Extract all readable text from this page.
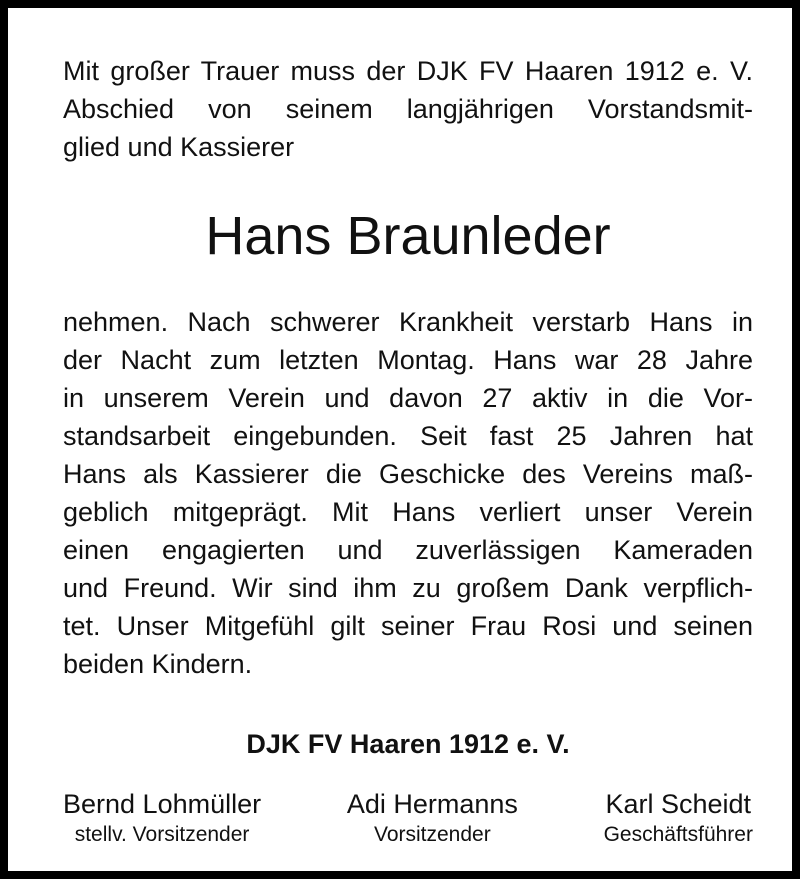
Mit großer Trauer muss der DJK FV Haaren 1912 e. V.
Abschied von seinem langjährigen Vorstandsmit-
glied und Kassierer
Hans Braunleder
nehmen. Nach schwerer Krankheit verstarb Hans in
der Nacht zum letzten Montag. Hans war 28 Jahre
in unserem Verein und davon 27 aktiv in die Vor-
standsarbeit eingebunden. Seit fast 25 Jahren hat
Hans als Kassierer die Geschicke des Vereins maß-
geblich mitgeprägt. Mit Hans verliert unser Verein
einen engagierten und zuverlässigen Kameraden
und Freund. Wir sind ihm zu großem Dank verpflich-
tet. Unser Mitgefühl gilt seiner Frau Rosi und seinen
beiden Kindern.
DJK FV Haaren 1912 e. V.
Bernd Lohmüller
stellv. Vorsitzender
Adi Hermanns
Vorsitzender
Karl Scheidt
Geschäftsführer
